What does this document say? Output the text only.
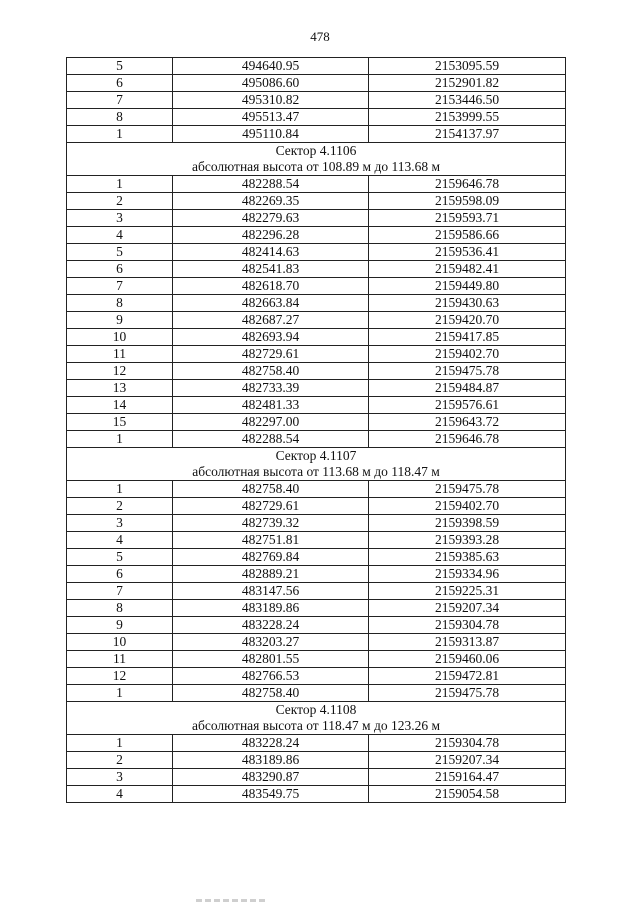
478
5	494640.95	2153095.59
6	495086.60	2152901.82
7	495310.82	2153446.50
8	495513.47	2153999.55
1	495110.84	2154137.97
Сектор 4.1106		
абсолютная высота от 108.89 м до 113.68 м		
1	482288.54	2159646.78
2	482269.35	2159598.09
3	482279.63	2159593.71
4	482296.28	2159586.66
5	482414.63	2159536.41
6	482541.83	2159482.41
7	482618.70	2159449.80
8	482663.84	2159430.63
9	482687.27	2159420.70
10	482693.94	2159417.85
11	482729.61	2159402.70
12	482758.40	2159475.78
13	482733.39	2159484.87
14	482481.33	2159576.61
15	482297.00	2159643.72
1	482288.54	2159646.78
Сектор 4.1107		
абсолютная высота от 113.68 м до 118.47 м		
1	482758.40	2159475.78
2	482729.61	2159402.70
3	482739.32	2159398.59
4	482751.81	2159393.28
5	482769.84	2159385.63
6	482889.21	2159334.96
7	483147.56	2159225.31
8	483189.86	2159207.34
9	483228.24	2159304.78
10	483203.27	2159313.87
11	482801.55	2159460.06
12	482766.53	2159472.81
1	482758.40	2159475.78
Сектор 4.1108		
абсолютная высота от 118.47 м до 123.26 м		
1	483228.24	2159304.78
2	483189.86	2159207.34
3	483290.87	2159164.47
4	483549.75	2159054.58
